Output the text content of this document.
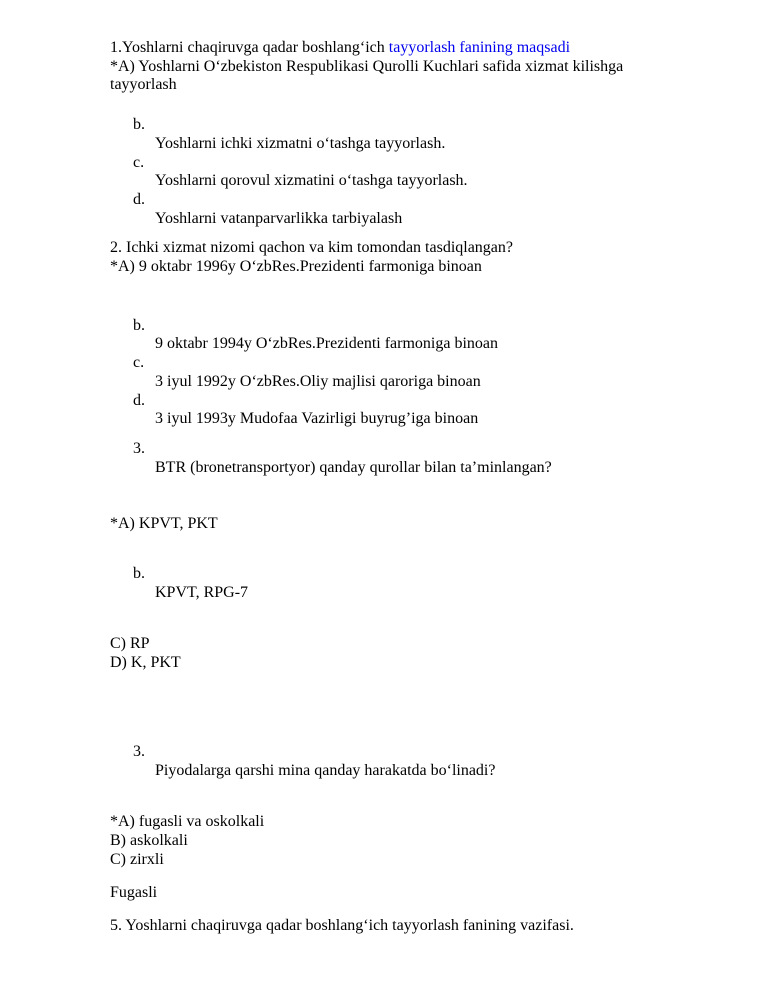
1.Yoshlarni chaqiruvga qadar boshlang‘ich tayyorlash fanining maqsadi
*A) Yoshlarni O‘zbekiston Respublikasi Qurolli Kuchlari safida xizmat kilishga tayyorlash
b.
Yoshlarni ichki xizmatni o‘tashga tayyorlash.
c.
Yoshlarni qorovul xizmatini o‘tashga tayyorlash.
d.
Yoshlarni vatanparvarlikka tarbiyalash
2. Ichki xizmat nizomi qachon va kim tomondan tasdiqlangan?
*A) 9 oktabr 1996y O‘zbRes.Prezidenti farmoniga binoan
b.
9 oktabr 1994y O‘zbRes.Prezidenti farmoniga binoan
c.
3 iyul 1992y O‘zbRes.Oliy majlisi qaroriga binoan
d.
3 iyul 1993y Mudofaa Vazirligi buyrug’iga binoan
3.
BTR (bronetransportyor) qanday qurollar bilan ta’minlangan?
*A) KPVT, PKT
b.
KPVT, RPG-7
C) RP
D) K, PKT
3.
Piyodalarga qarshi mina qanday harakatda bo‘linadi?
*A) fugasli va oskolkali
B) askolkali
C) zirxli
Fugasli
5. Yoshlarni chaqiruvga qadar boshlang‘ich tayyorlash fanining vazifasi.
